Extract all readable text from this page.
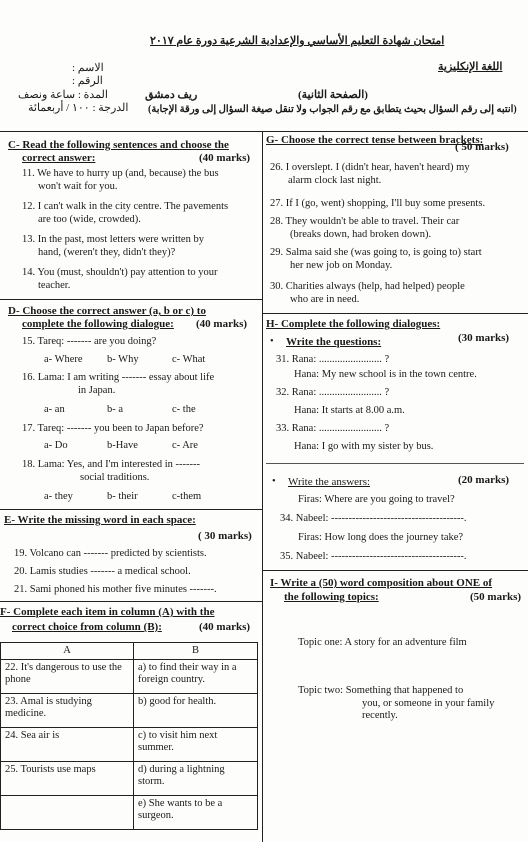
امتحان شهادة التعليم الأساسي والإعدادية الشرعية دورة عام ٢٠١٧
اللغة الإنكليزية
الاسم :
الرقم :
المدة : ساعة ونصف
الدرجة : ١٠٠ / أربعمائة
ريف دمشق	(الصفحة الثانية)
(انتبه إلى رقم السؤال بحيث يتطابق مع رقم الجواب ولا تنقل صيغة السؤال إلى ورقة الإجابة)
C- Read the following sentences and choose the
correct answer:	(40 marks)
11. We have to hurry up (and, because) the bus
won't wait for you.
12. I can't walk in the city centre. The pavements
are too (wide, crowded).
13. In the past, most letters were written by
hand, (weren't they, didn't they)?
14. You (must, shouldn't) pay attention to your
teacher.
D- Choose the correct answer (a, b or c) to
complete the following dialogue: (40 marks)
15. Tareq: ------- are you doing?
a- Where b- Why	c- What
16. Lama: I am writing ------- essay about life
in Japan.
a- an	b- a	c- the
17. Tareq: ------- you been to Japan before?
a- Do	b-Have	c- Are
18. Lama: Yes, and I'm interested in -------
social traditions.
a- they	b- their	c-them
E- Write the missing word in each space:
( 30 marks)
19. Volcano can ------- predicted by scientists.
20. Lamis studies ------- a medical school.
21. Sami phoned his mother five minutes -------.
F- Complete each item in column (A) with the
correct choice from column (B):	(40 marks)
A	B
22. It's dangerous to use the phone	a) to find their way in a foreign country.
23. Amal is studying medicine.	b) good for health.
24. Sea air is	c) to visit him next summer.
25. Tourists use maps	d) during a lightning storm.
	e) She wants to be a surgeon.
G- Choose the correct tense between brackets:
( 50 marks)
26. I overslept. I (didn't hear, haven't heard) my
alarm clock last night.
27. If I (go, went) shopping, I'll buy some presents.
28. They wouldn't be able to travel. Their car
(breaks down, had broken down).
29. Salma said she (was going to, is going to) start
her new job on Monday.
30. Charities always (help, had helped) people
who are in need.
H- Complete the following dialogues:
• Write the questions:	(30 marks)
31. Rana: ........................ ?
Hana: My new school is in the town centre.
32. Rana: ........................ ?
Hana: It starts at 8.00 a.m.
33. Rana: ........................ ?
Hana: I go with my sister by bus.
• Write the answers:	(20 marks)
Firas: Where are you going to travel?
34. Nabeel: --------------------------------------.
Firas: How long does the journey take?
35. Nabeel: --------------------------------------.
I- Write a (50) word composition about ONE of
the following topics:	(50 marks)
Topic one: A story for an adventure film
Topic two: Something that happened to
you, or someone in your family
recently.
